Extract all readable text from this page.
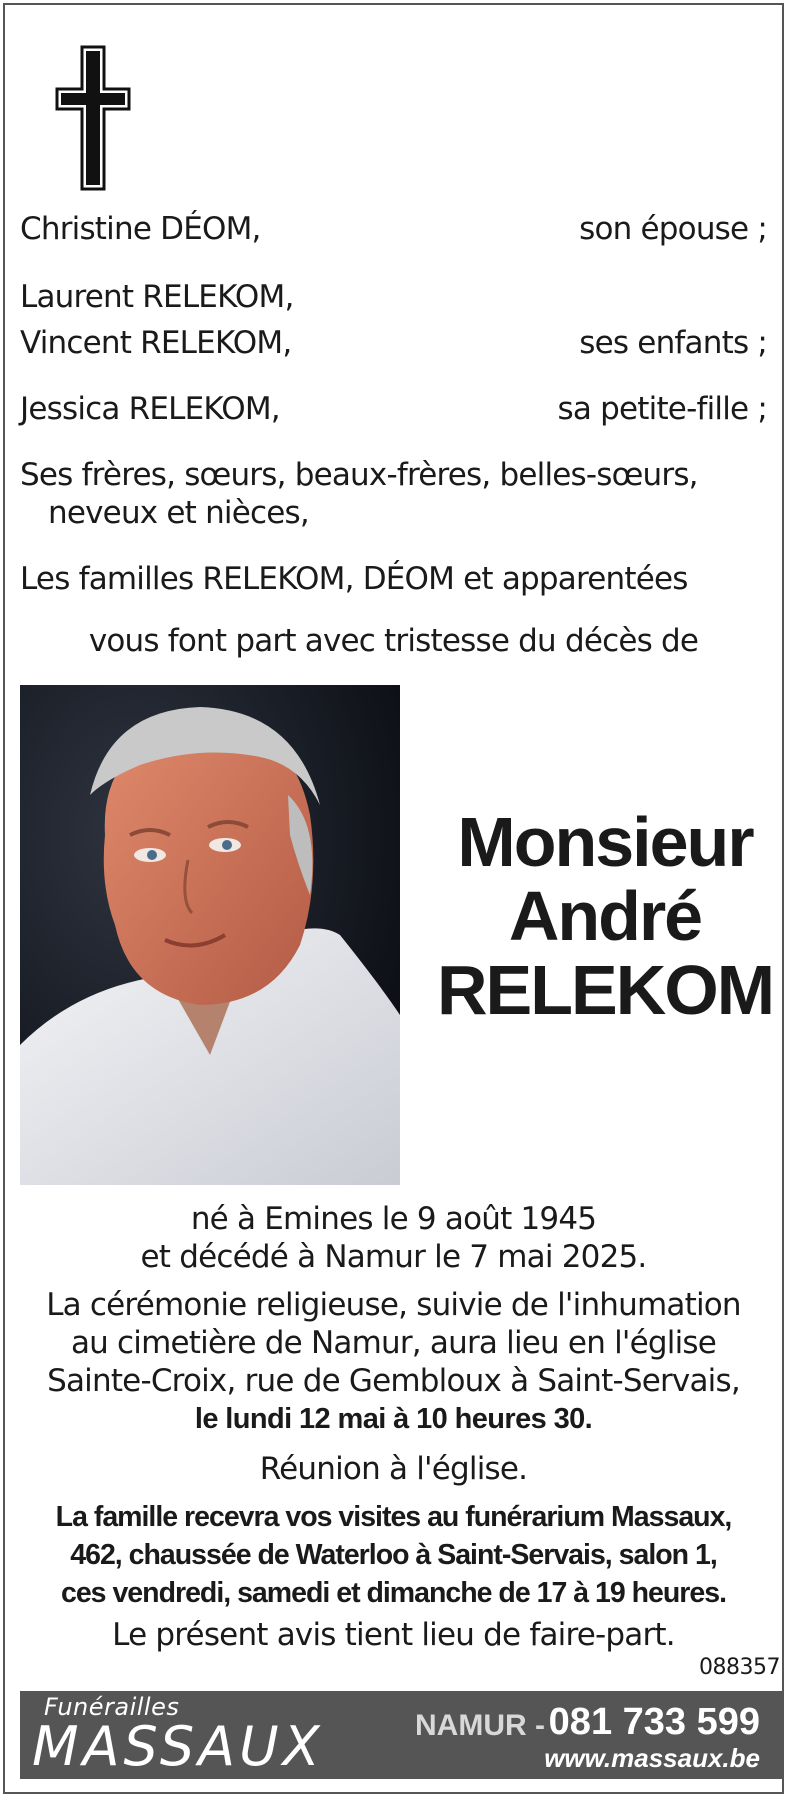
Christine DÉOM,	son épouse ;
Laurent RELEKOM,
Vincent RELEKOM,	ses enfants ;
Jessica RELEKOM,	sa petite-fille ;
Ses frères, sœurs, beaux-frères, belles-sœurs,
neveux et nièces,
Les familles RELEKOM, DÉOM et apparentées
vous font part avec tristesse du décès de
Monsieur
André
RELEKOM
né à Emines le 9 août 1945
et décédé à Namur le 7 mai 2025.
La cérémonie religieuse, suivie de l'inhumation
au cimetière de Namur, aura lieu en l'église
Sainte-Croix, rue de Gembloux à Saint-Servais,
le lundi 12 mai à 10 heures 30.
Réunion à l'église.
La famille recevra vos visites au funérarium Massaux,
462, chaussée de Waterloo à Saint-Servais, salon 1,
ces vendredi, samedi et dimanche de 17 à 19 heures.
Le présent avis tient lieu de faire-part.
088357
Funérailles
MASSAUX	NAMUR - 081 733 599
www.massaux.be
